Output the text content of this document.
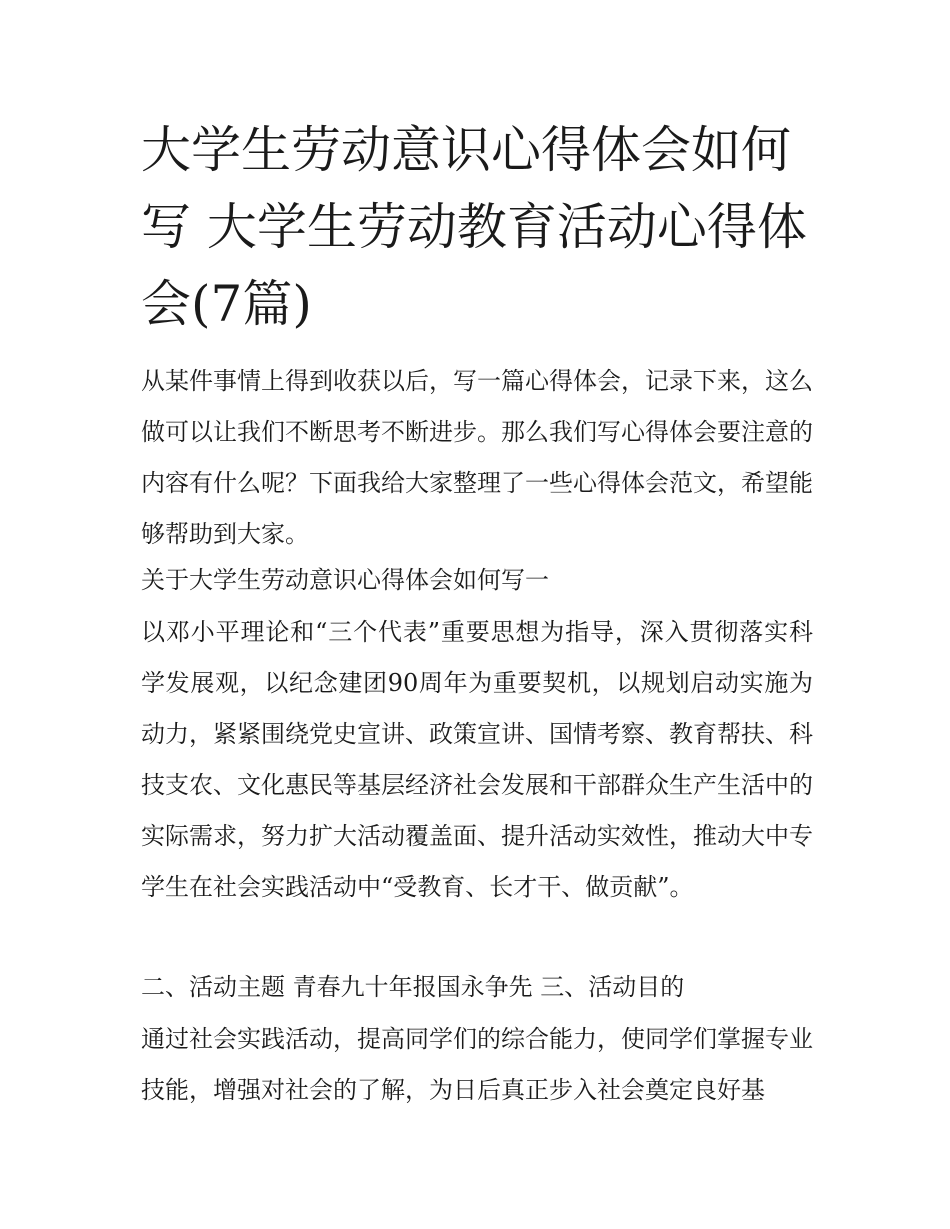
大学生劳动意识心得体会如何写 大学生劳动教育活动心得体会(7篇)

从某件事情上得到收获以后，写一篇心得体会，记录下来，这么做可以让我们不断思考不断进步。那么我们写心得体会要注意的内容有什么呢？下面我给大家整理了一些心得体会范文，希望能够帮助到大家。

关于大学生劳动意识心得体会如何写一

以邓小平理论和“三个代表”重要思想为指导，深入贯彻落实科学发展观，以纪念建团90周年为重要契机，以规划启动实施为动力，紧紧围绕党史宣讲、政策宣讲、国情考察、教育帮扶、科技支农、文化惠民等基层经济社会发展和干部群众生产生活中的实际需求，努力扩大活动覆盖面、提升活动实效性，推动大中专学生在社会实践活动中“受教育、长才干、做贡献”。

二、活动主题 青春九十年报国永争先 三、活动目的

通过社会实践活动，提高同学们的综合能力，使同学们掌握专业技能，增强对社会的了解，为日后真正步入社会奠定良好基
